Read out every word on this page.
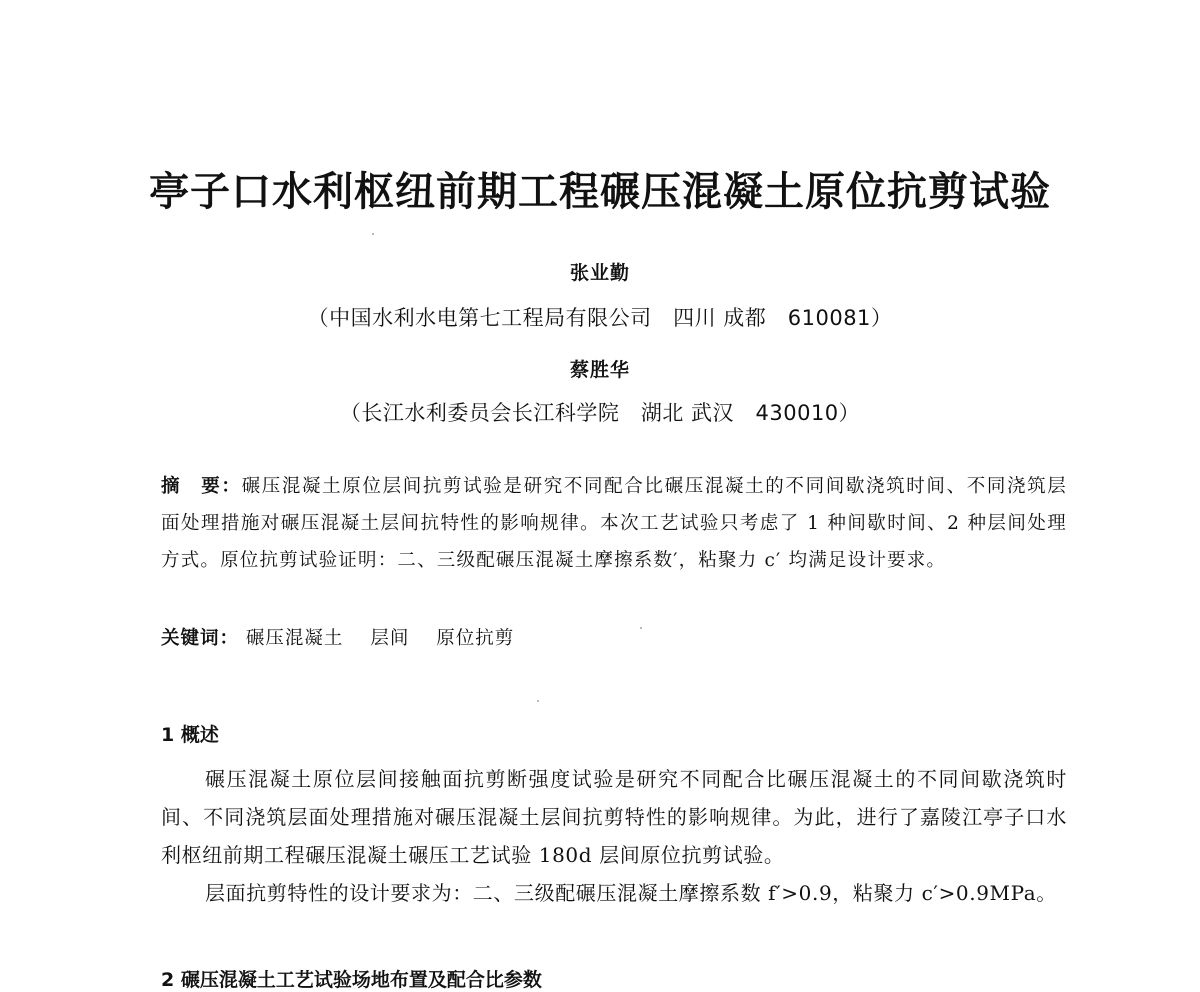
亭子口水利枢纽前期工程碾压混凝土原位抗剪试验
张业勤
（中国水利水电第七工程局有限公司　四川 成都　610081）
蔡胜华
（长江水利委员会长江科学院　湖北 武汉　430010）
摘　要：碾压混凝土原位层间抗剪试验是研究不同配合比碾压混凝土的不同间歇浇筑时间、不同浇筑层面处理措施对碾压混凝土层间抗特性的影响规律。本次工艺试验只考虑了 1 种间歇时间、2 种层间处理方式。原位抗剪试验证明：二、三级配碾压混凝土摩擦系数′，粘聚力 c′ 均满足设计要求。
关键词： 碾压混凝土 层间 原位抗剪
1 概述
碾压混凝土原位层间接触面抗剪断强度试验是研究不同配合比碾压混凝土的不同间歇浇筑时间、不同浇筑层面处理措施对碾压混凝土层间抗剪特性的影响规律。为此，进行了嘉陵江亭子口水利枢纽前期工程碾压混凝土碾压工艺试验 180d 层间原位抗剪试验。
层面抗剪特性的设计要求为：二、三级配碾压混凝土摩擦系数 f′>0.9，粘聚力 c′>0.9MPa。
2 碾压混凝土工艺试验场地布置及配合比参数
